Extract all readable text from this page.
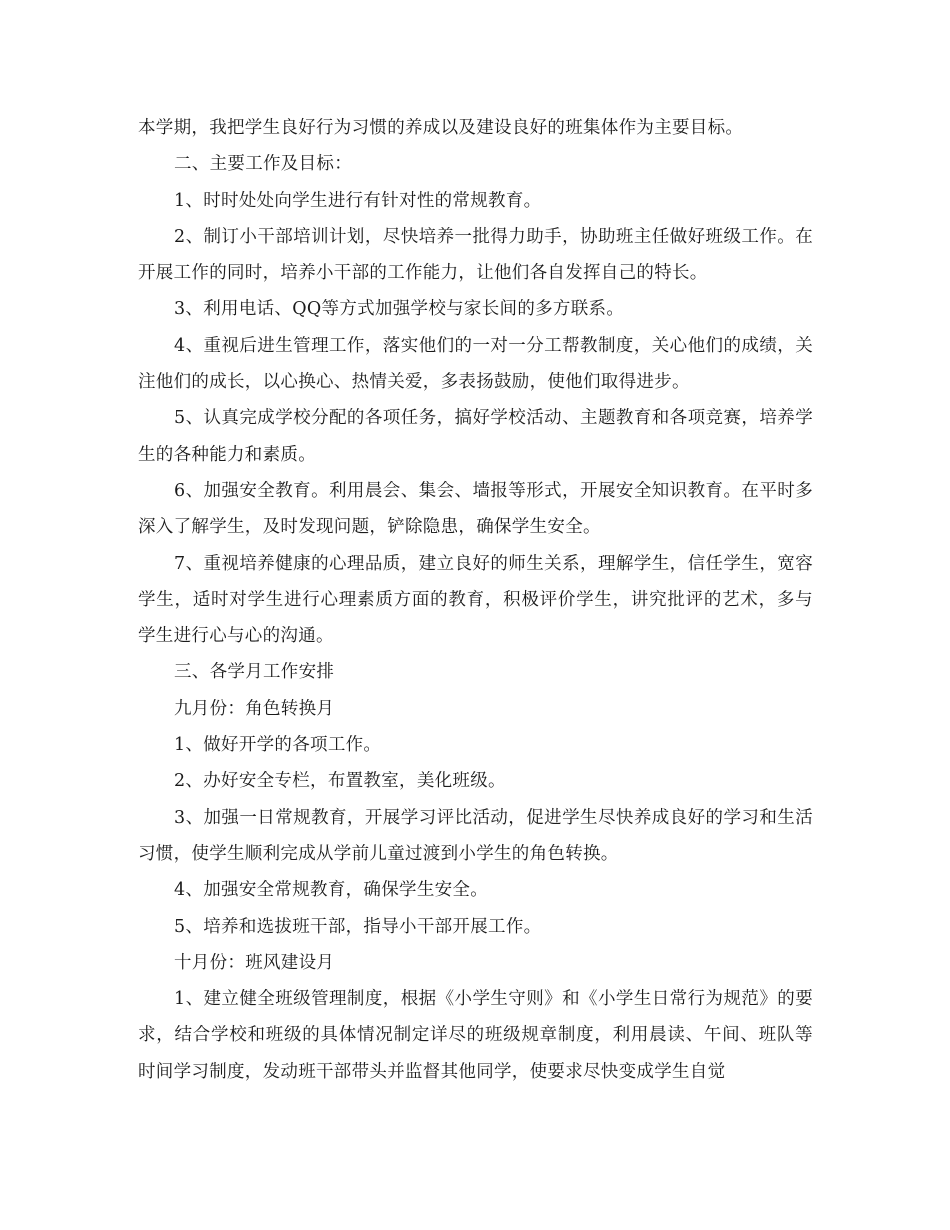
本学期，我把学生良好行为习惯的养成以及建设良好的班集体作为主要目标。

二、主要工作及目标：

1、时时处处向学生进行有针对性的常规教育。

2、制订小干部培训计划，尽快培养一批得力助手，协助班主任做好班级工作。在开展工作的同时，培养小干部的工作能力，让他们各自发挥自己的特长。

3、利用电话、QQ等方式加强学校与家长间的多方联系。

4、重视后进生管理工作，落实他们的一对一分工帮教制度，关心他们的成绩，关注他们的成长，以心换心、热情关爱，多表扬鼓励，使他们取得进步。

5、认真完成学校分配的各项任务，搞好学校活动、主题教育和各项竞赛，培养学生的各种能力和素质。

6、加强安全教育。利用晨会、集会、墙报等形式，开展安全知识教育。在平时多深入了解学生，及时发现问题，铲除隐患，确保学生安全。

7、重视培养健康的心理品质，建立良好的师生关系，理解学生，信任学生，宽容学生，适时对学生进行心理素质方面的教育，积极评价学生，讲究批评的艺术，多与学生进行心与心的沟通。

三、各学月工作安排

九月份：角色转换月

1、做好开学的各项工作。

2、办好安全专栏，布置教室，美化班级。

3、加强一日常规教育，开展学习评比活动，促进学生尽快养成良好的学习和生活习惯，使学生顺利完成从学前儿童过渡到小学生的角色转换。

4、加强安全常规教育，确保学生安全。

5、培养和选拔班干部，指导小干部开展工作。

十月份：班风建设月

1、建立健全班级管理制度，根据《小学生守则》和《小学生日常行为规范》的要求，结合学校和班级的具体情况制定详尽的班级规章制度，利用晨读、午间、班队等时间学习制度，发动班干部带头并监督其他同学，使要求尽快变成学生自觉
